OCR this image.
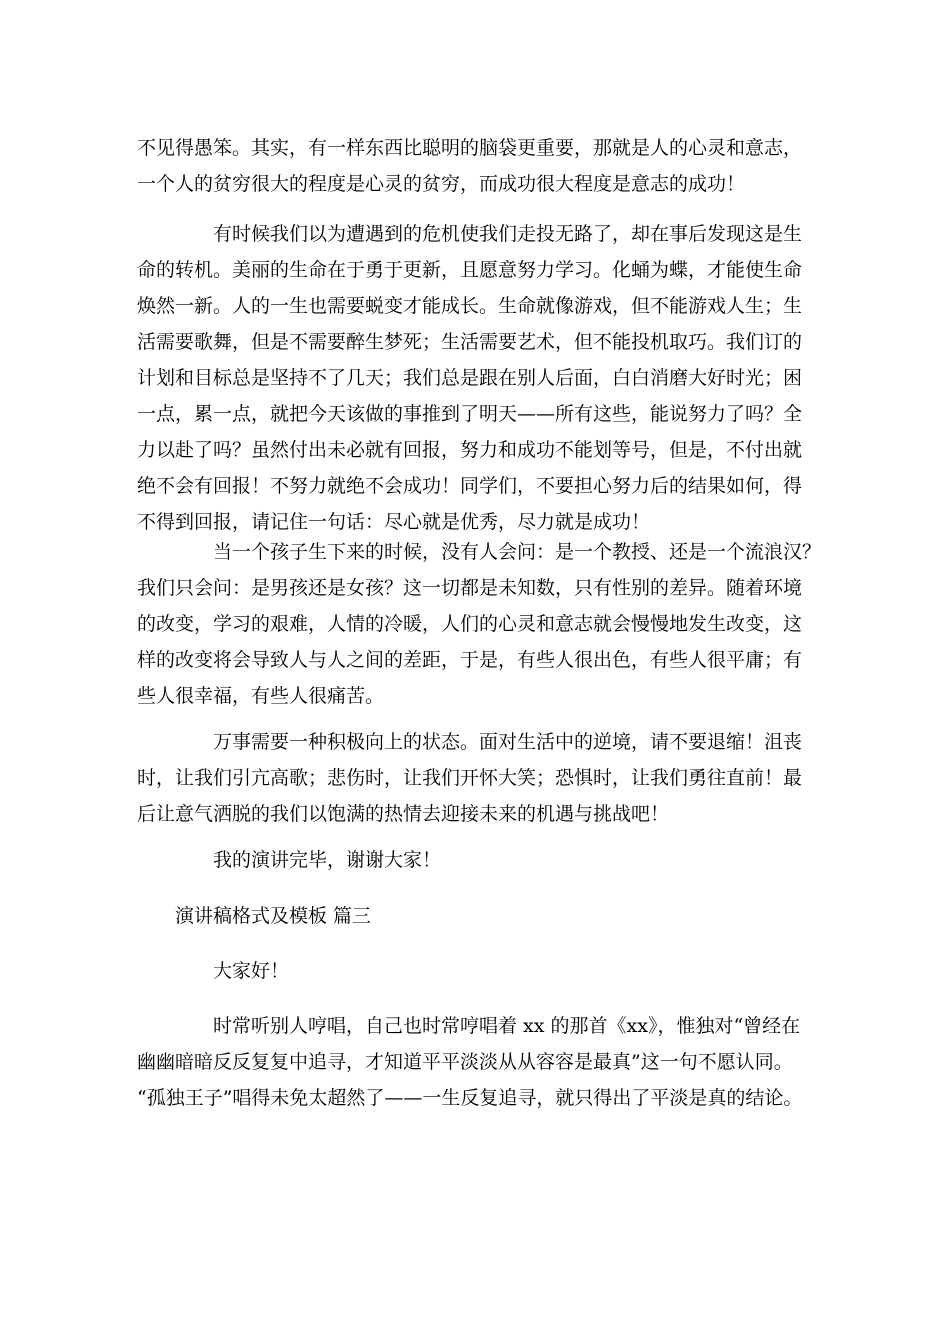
不见得愚笨。其实，有一样东西比聪明的脑袋更重要，那就是人的心灵和意志，
一个人的贫穷很大的程度是心灵的贫穷，而成功很大程度是意志的成功！
有时候我们以为遭遇到的危机使我们走投无路了，却在事后发现这是生
命的转机。美丽的生命在于勇于更新，且愿意努力学习。化蛹为蝶，才能使生命
焕然一新。人的一生也需要蜕变才能成长。生命就像游戏，但不能游戏人生；生
活需要歌舞，但是不需要醉生梦死；生活需要艺术，但不能投机取巧。我们订的
计划和目标总是坚持不了几天；我们总是跟在别人后面，白白消磨大好时光；困
一点，累一点，就把今天该做的事推到了明天——所有这些，能说努力了吗？全
力以赴了吗？虽然付出未必就有回报，努力和成功不能划等号，但是，不付出就
绝不会有回报！不努力就绝不会成功！同学们，不要担心努力后的结果如何，得
不得到回报，请记住一句话：尽心就是优秀，尽力就是成功！
当一个孩子生下来的时候，没有人会问：是一个教授、还是一个流浪汉？
我们只会问：是男孩还是女孩？这一切都是未知数，只有性别的差异。随着环境
的改变，学习的艰难，人情的冷暖，人们的心灵和意志就会慢慢地发生改变，这
样的改变将会导致人与人之间的差距，于是，有些人很出色，有些人很平庸；有
些人很幸福，有些人很痛苦。
万事需要一种积极向上的状态。面对生活中的逆境，请不要退缩！沮丧
时，让我们引亢高歌；悲伤时，让我们开怀大笑；恐惧时，让我们勇往直前！最
后让意气洒脱的我们以饱满的热情去迎接未来的机遇与挑战吧！
我的演讲完毕，谢谢大家！
演讲稿格式及模板 篇三
大家好！
时常听别人哼唱，自己也时常哼唱着 xx 的那首《xx》，惟独对“曾经在
幽幽暗暗反反复复中追寻，才知道平平淡淡从从容容是最真”这一句不愿认同。
“孤独王子”唱得未免太超然了——一生反复追寻，就只得出了平淡是真的结论。
